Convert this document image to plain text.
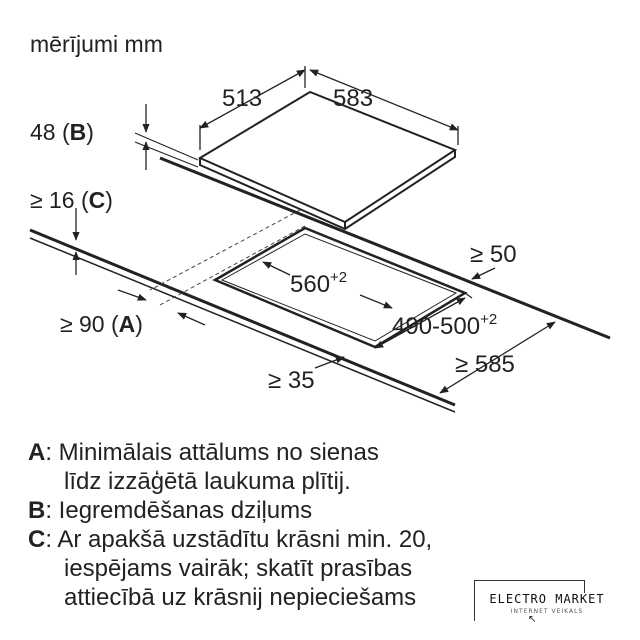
mērījumi mm
513	583
48 (B)
≥ 16 (C)
$560^{+2}$
$490-500^{+2}$
≥ 50
≥ 90 (A)
≥ 585
≥ 35
A: Minimālais attālums no sienas
līdz izzāģētā laukuma plītij.
B: Iegremdēšanas dziļums
C: Ar apakšā uzstādītu krāsni min. 20,
iespējams vairāk; skatīt prasības
attiecībā uz krāsnij nepieciešams	ELECTRO MARKET
INTERNET VEIKALS
↖
